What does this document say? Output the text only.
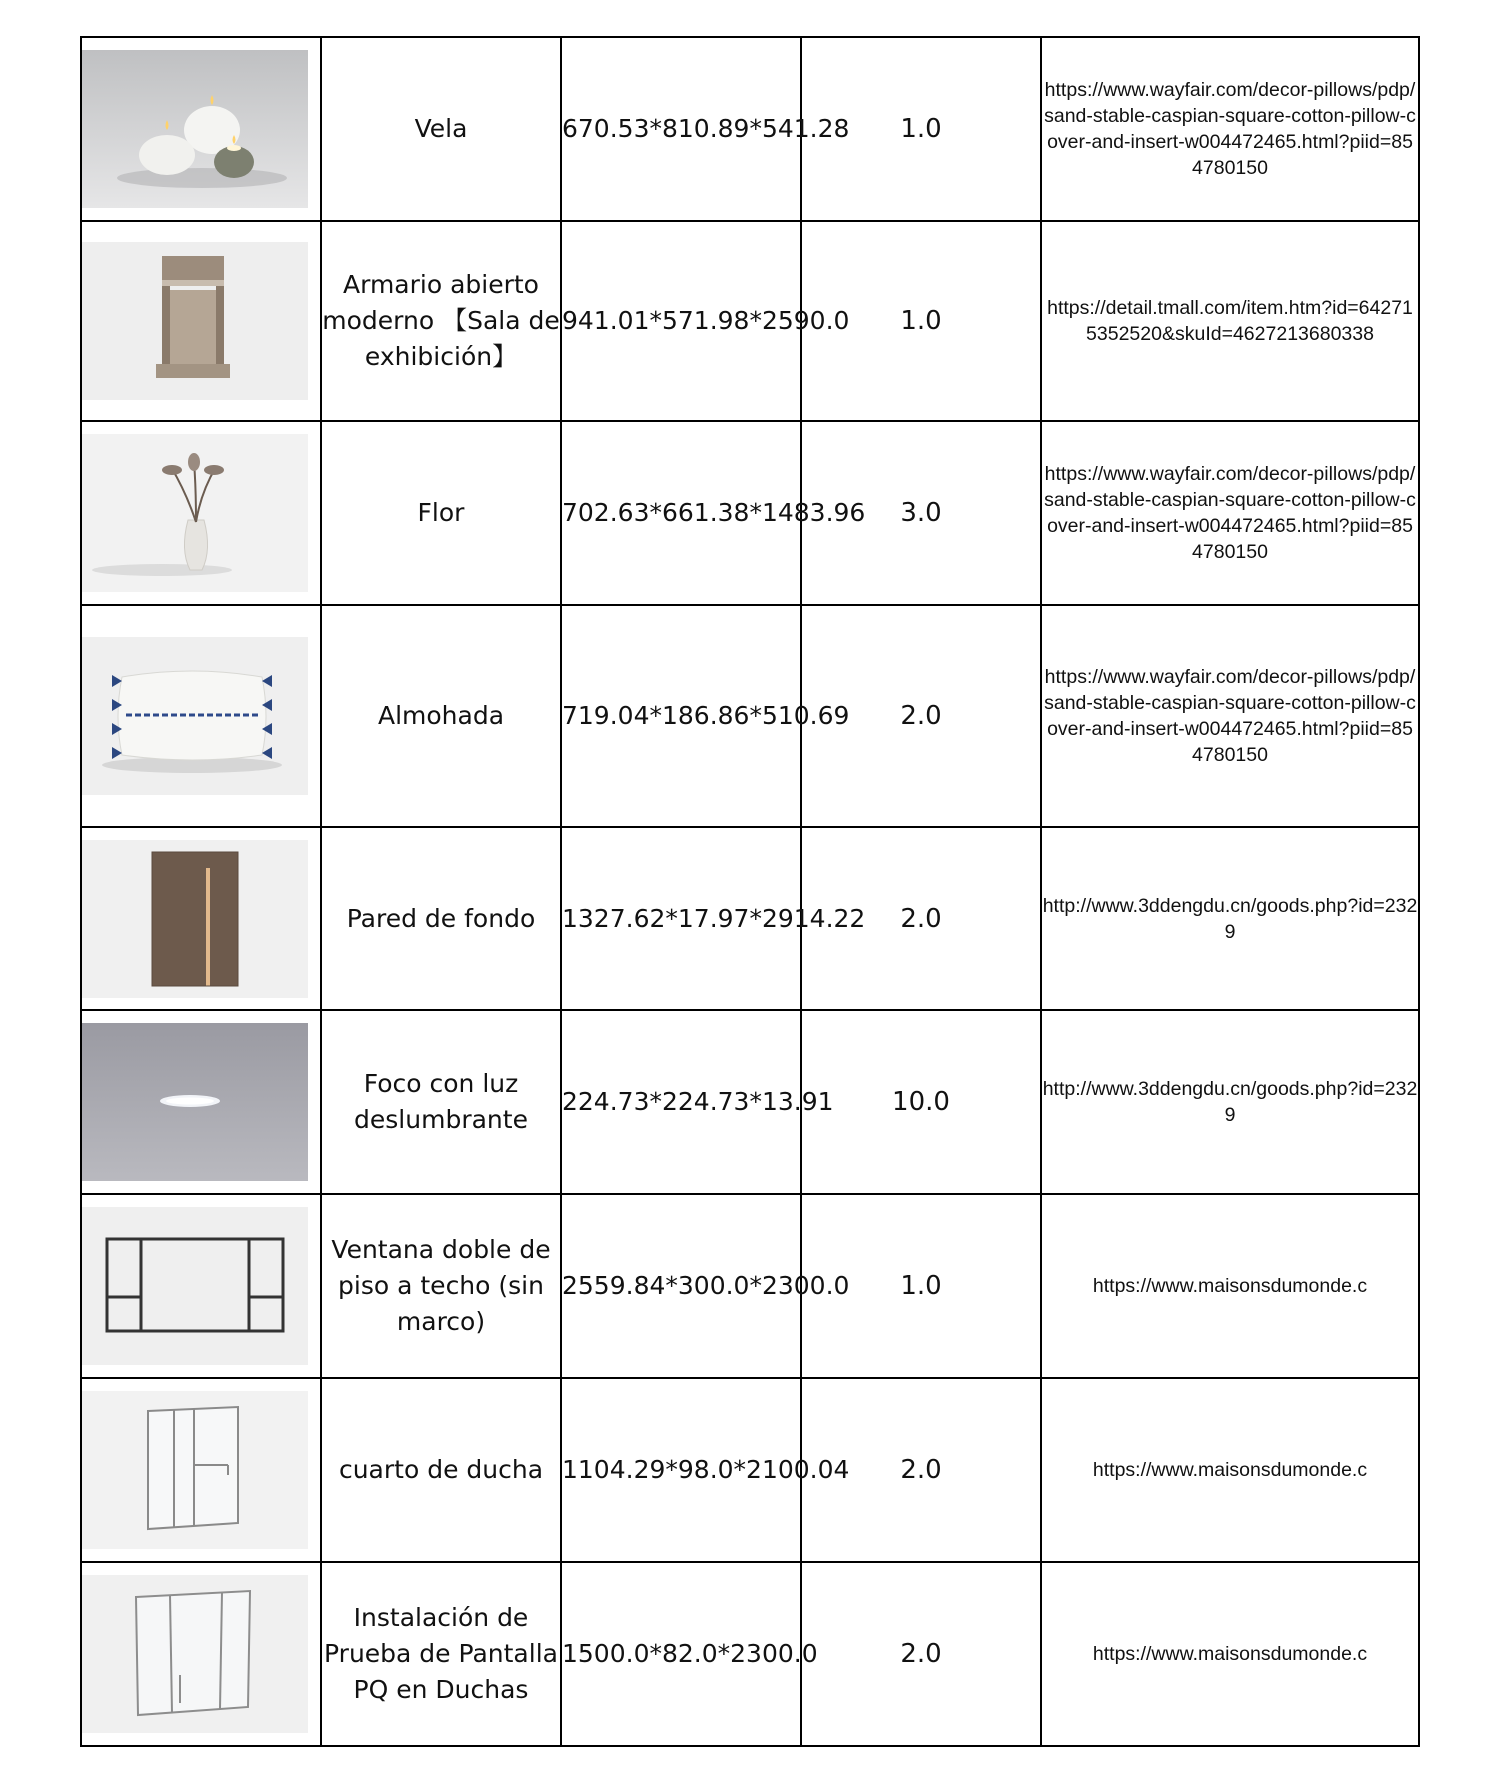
	Vela	670.53*810.89*541.28	1.0	https://www.wayfair.com/decor-pillows/pdp/sand-stable-caspian-square-cotton-pillow-cover-and-insert-w004472465.html?piid=854780150

	Armario abierto moderno 【Sala de exhibición】	941.01*571.98*2590.0	1.0	https://detail.tmall.com/item.htm?id=642715352520&skuId=4627213680338

	Flor	702.63*661.38*1483.96	3.0	https://www.wayfair.com/decor-pillows/pdp/sand-stable-caspian-square-cotton-pillow-cover-and-insert-w004472465.html?piid=854780150

	Almohada	719.04*186.86*510.69	2.0	https://www.wayfair.com/decor-pillows/pdp/sand-stable-caspian-square-cotton-pillow-cover-and-insert-w004472465.html?piid=854780150

	Pared de fondo	1327.62*17.97*2914.22	2.0	http://www.3ddengdu.cn/goods.php?id=2329

	Foco con luz deslumbrante	224.73*224.73*13.91	10.0	http://www.3ddengdu.cn/goods.php?id=2329

	Ventana doble de piso a techo (sin marco)	2559.84*300.0*2300.0	1.0	https://www.maisonsdumonde.c

	cuarto de ducha	1104.29*98.0*2100.04	2.0	https://www.maisonsdumonde.c

	Instalación de Prueba de Pantalla PQ en Duchas	1500.0*82.0*2300.0	2.0	https://www.maisonsdumonde.c
